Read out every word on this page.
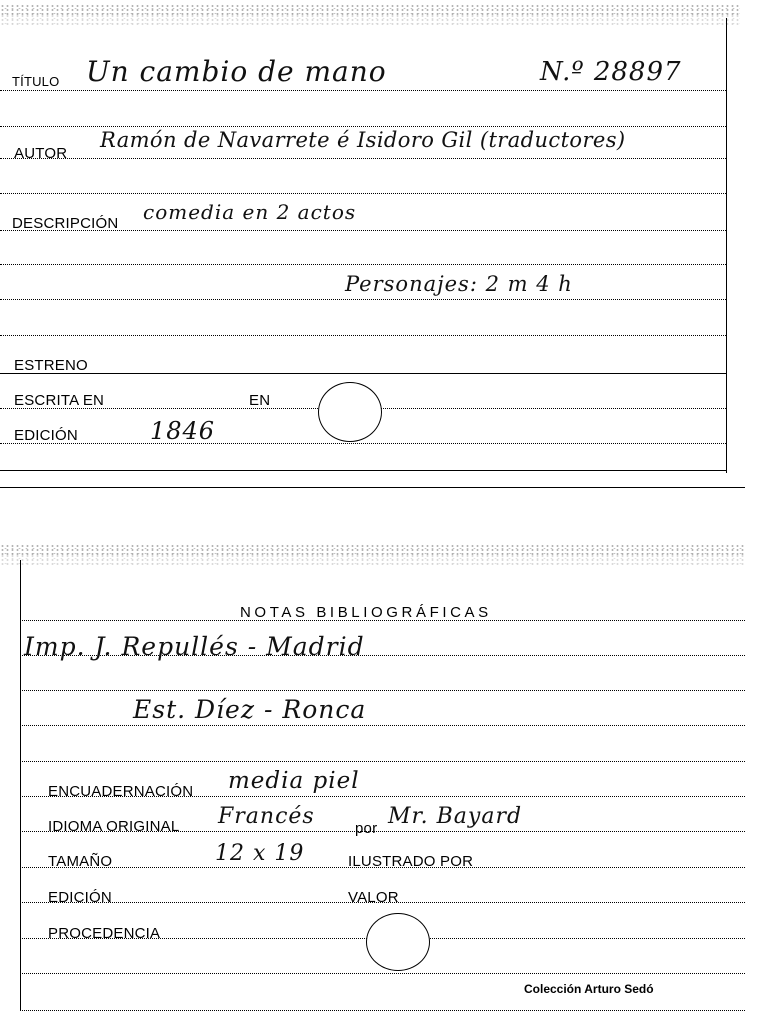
TÍTULO Un cambio de mano	N.º 28897
AUTOR
Ramón de Navarrete é Isidoro Gil (traductores)
DESCRIPCIÓN comedia en 2 actos
Personajes: 2 m 4 h
ESTRENO
ESCRITA EN	EN
EDICIÓN	1846
NOTAS BIBLIOGRÁFICAS
Imp. J. Repullés - Madrid
Est. Díez - Ronca
ENCUADERNACIÓN media piel
IDIOMA ORIGINAL Francés	por Mr. Bayard
TAMAÑO	12 x 19	ILUSTRADO POR
EDICIÓN	VALOR
PROCEDENCIA
Colección Arturo Sedó
